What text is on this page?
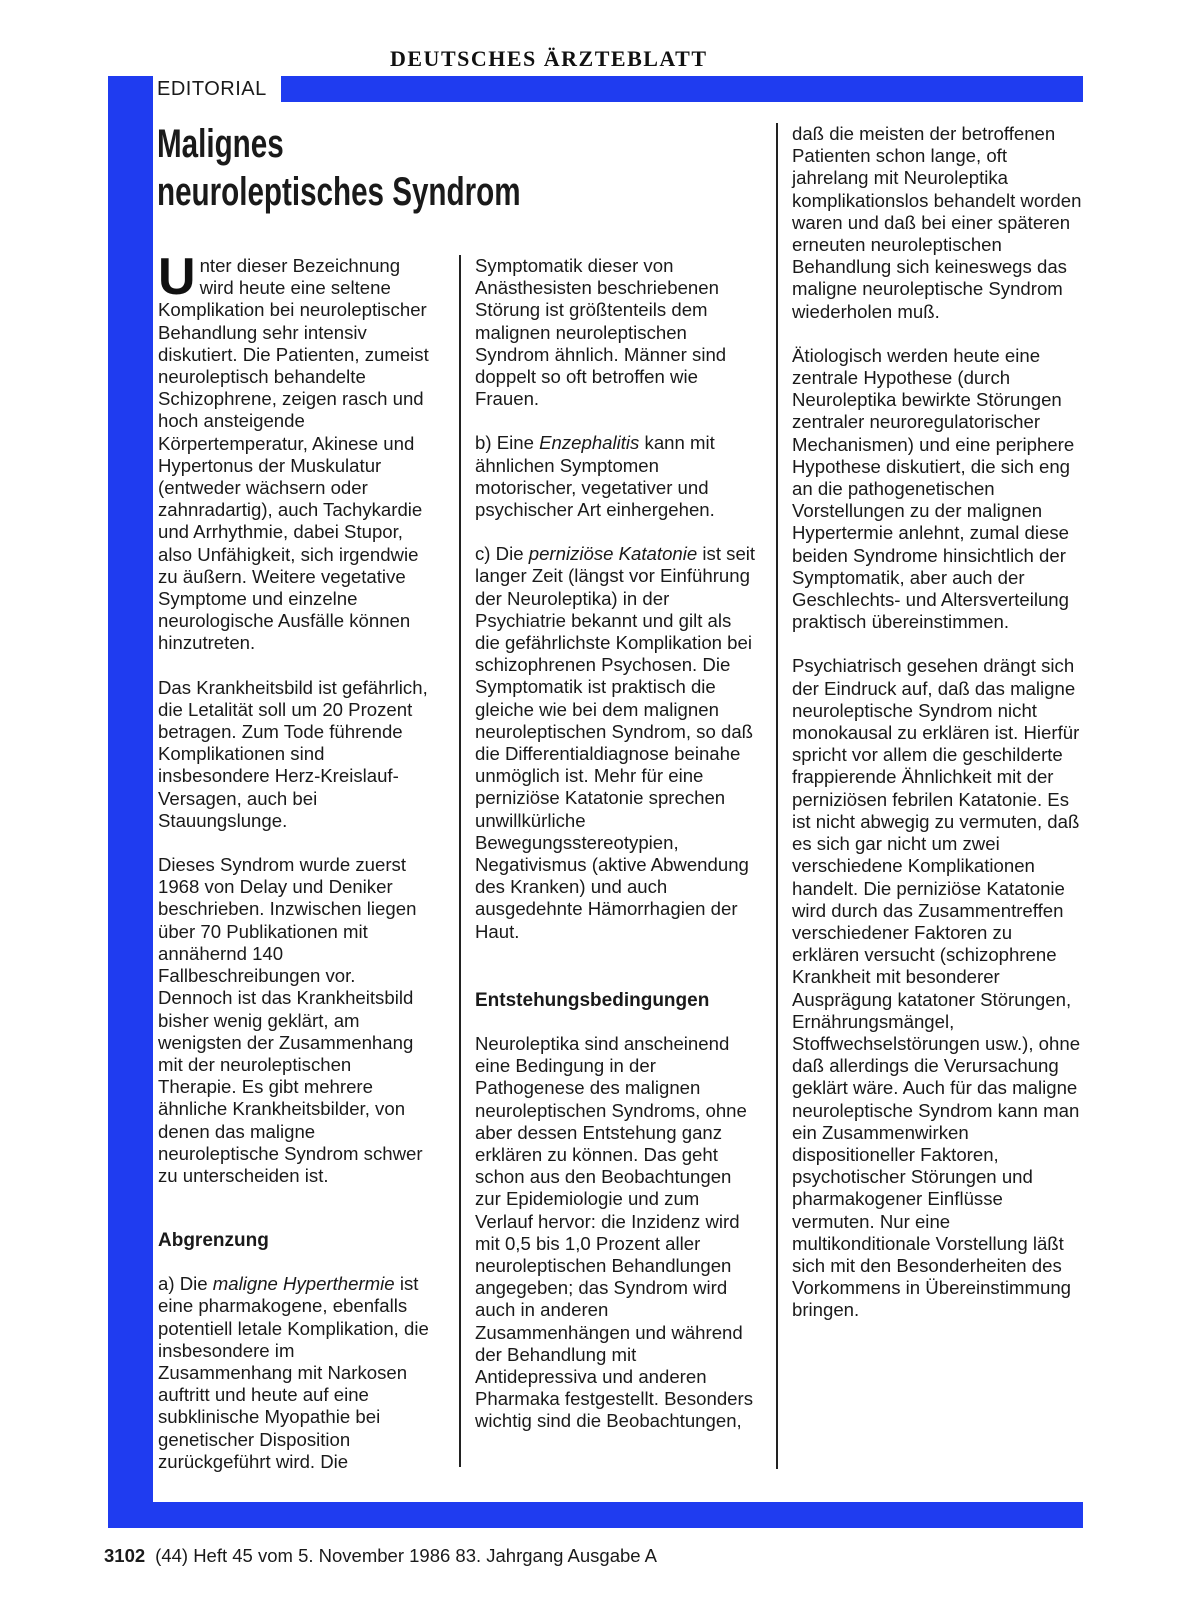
DEUTSCHES ÄRZTEBLATT
EDITORIAL
Malignes
neuroleptisches Syndrom

Unter dieser Bezeichnung wird heute eine seltene Komplikation bei neuroleptischer Behandlung sehr intensiv diskutiert. Die Patienten, zumeist neuroleptisch behandelte Schizophrene, zeigen rasch und hoch ansteigende Körpertemperatur, Akinese und Hypertonus der Muskulatur (entweder wächsern oder zahnradartig), auch Tachykardie und Arrhythmie, dabei Stupor, also Unfähigkeit, sich irgendwie zu äußern. Weitere vegetative Symptome und einzelne neurologische Ausfälle können hinzutreten.

Das Krankheitsbild ist gefährlich, die Letalität soll um 20 Prozent betragen. Zum Tode führende Komplikationen sind insbesondere Herz-Kreislauf-Versagen, auch bei Stauungslunge.

Dieses Syndrom wurde zuerst 1968 von Delay und Deniker beschrieben. Inzwischen liegen über 70 Publikationen mit annähernd 140 Fallbeschreibungen vor. Dennoch ist das Krankheitsbild bisher wenig geklärt, am wenigsten der Zusammenhang mit der neuroleptischen Therapie. Es gibt mehrere ähnliche Krankheitsbilder, von denen das maligne neuroleptische Syndrom schwer zu unterscheiden ist.

Abgrenzung

a) Die maligne Hyperthermie ist eine pharmakogene, ebenfalls potentiell letale Komplikation, die insbesondere im Zusammenhang mit Narkosen auftritt und heute auf eine subklinische Myopathie bei genetischer Disposition zurückgeführt wird. Die

Symptomatik dieser von Anästhesisten beschriebenen Störung ist größtenteils dem malignen neuroleptischen Syndrom ähnlich. Männer sind doppelt so oft betroffen wie Frauen.

b) Eine Enzephalitis kann mit ähnlichen Symptomen motorischer, vegetativer und psychischer Art einhergehen.

c) Die perniziöse Katatonie ist seit langer Zeit (längst vor Einführung der Neuroleptika) in der Psychiatrie bekannt und gilt als die gefährlichste Komplikation bei schizophrenen Psychosen. Die Symptomatik ist praktisch die gleiche wie bei dem malignen neuroleptischen Syndrom, so daß die Differentialdiagnose beinahe unmöglich ist. Mehr für eine perniziöse Katatonie sprechen unwillkürliche Bewegungsstereotypien, Negativismus (aktive Abwendung des Kranken) und auch ausgedehnte Hämorrhagien der Haut.

Entstehungsbedingungen

Neuroleptika sind anscheinend eine Bedingung in der Pathogenese des malignen neuroleptischen Syndroms, ohne aber dessen Entstehung ganz erklären zu können. Das geht schon aus den Beobachtungen zur Epidemiologie und zum Verlauf hervor: die Inzidenz wird mit 0,5 bis 1,0 Prozent aller neuroleptischen Behandlungen angegeben; das Syndrom wird auch in anderen Zusammenhängen und während der Behandlung mit Antidepressiva und anderen Pharmaka festgestellt. Besonders wichtig sind die Beobachtungen,

daß die meisten der betroffenen Patienten schon lange, oft jahrelang mit Neuroleptika komplikationslos behandelt worden waren und daß bei einer späteren erneuten neuroleptischen Behandlung sich keineswegs das maligne neuroleptische Syndrom wiederholen muß.

Ätiologisch werden heute eine zentrale Hypothese (durch Neuroleptika bewirkte Störungen zentraler neuroregulatorischer Mechanismen) und eine periphere Hypothese diskutiert, die sich eng an die pathogenetischen Vorstellungen zu der malignen Hypertermie anlehnt, zumal diese beiden Syndrome hinsichtlich der Symptomatik, aber auch der Geschlechts- und Altersverteilung praktisch übereinstimmen.

Psychiatrisch gesehen drängt sich der Eindruck auf, daß das maligne neuroleptische Syndrom nicht monokausal zu erklären ist. Hierfür spricht vor allem die geschilderte frappierende Ähnlichkeit mit der perniziösen febrilen Katatonie. Es ist nicht abwegig zu vermuten, daß es sich gar nicht um zwei verschiedene Komplikationen handelt. Die perniziöse Katatonie wird durch das Zusammentreffen verschiedener Faktoren zu erklären versucht (schizophrene Krankheit mit besonderer Ausprägung katatoner Störungen, Ernährungsmängel, Stoffwechselstörungen usw.), ohne daß allerdings die Verursachung geklärt wäre. Auch für das maligne neuroleptische Syndrom kann man ein Zusammenwirken dispositioneller Faktoren, psychotischer Störungen und pharmakogener Einflüsse vermuten. Nur eine multikonditionale Vorstellung läßt sich mit den Besonderheiten des Vorkommens in Übereinstimmung bringen.

3102 (44) Heft 45 vom 5. November 1986 83. Jahrgang Ausgabe A
